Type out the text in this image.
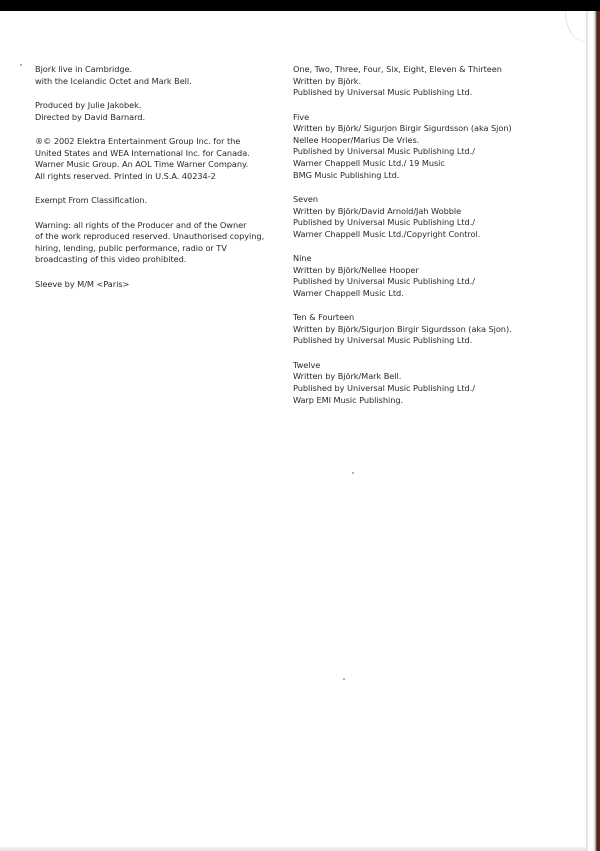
Bjork live in Cambridge.
with the Icelandic Octet and Mark Bell.
Produced by Julie Jakobek.
Directed by David Barnard.
®© 2002 Elektra Entertainment Group Inc. for the
United States and WEA International Inc. for Canada.
Warner Music Group. An AOL Time Warner Company.
All rights reserved. Printed in U.S.A. 40234-2
Exempt From Classification.
Warning: all rights of the Producer and of the Owner
of the work reproduced reserved. Unauthorised copying,
hiring, lending, public performance, radio or TV
broadcasting of this video prohibited.
Sleeve by M/M <Paris>
One, Two, Three, Four, Six, Eight, Eleven & Thirteen
Written by Björk.
Published by Universal Music Publishing Ltd.
Five
Written by Björk/ Sigurjon Birgir Sigurdsson (aka Sjon)
Nellee Hooper/Marius De Vries.
Published by Universal Music Publishing Ltd./
Warner Chappell Music Ltd./ 19 Music
BMG Music Publishing Ltd.
Seven
Written by Björk/David Arnold/Jah Wobble
Published by Universal Music Publishing Ltd./
Warner Chappell Music Ltd./Copyright Control.
Nine
Written by Björk/Nellee Hooper
Published by Universal Music Publishing Ltd./
Warner Chappell Music Ltd.
Ten & Fourteen
Written by Björk/Sigurjon Birgir Sigurdsson (aka Sjon).
Published by Universal Music Publishing Ltd.
Twelve
Written by Björk/Mark Bell.
Published by Universal Music Publishing Ltd./
Warp EMI Music Publishing.
